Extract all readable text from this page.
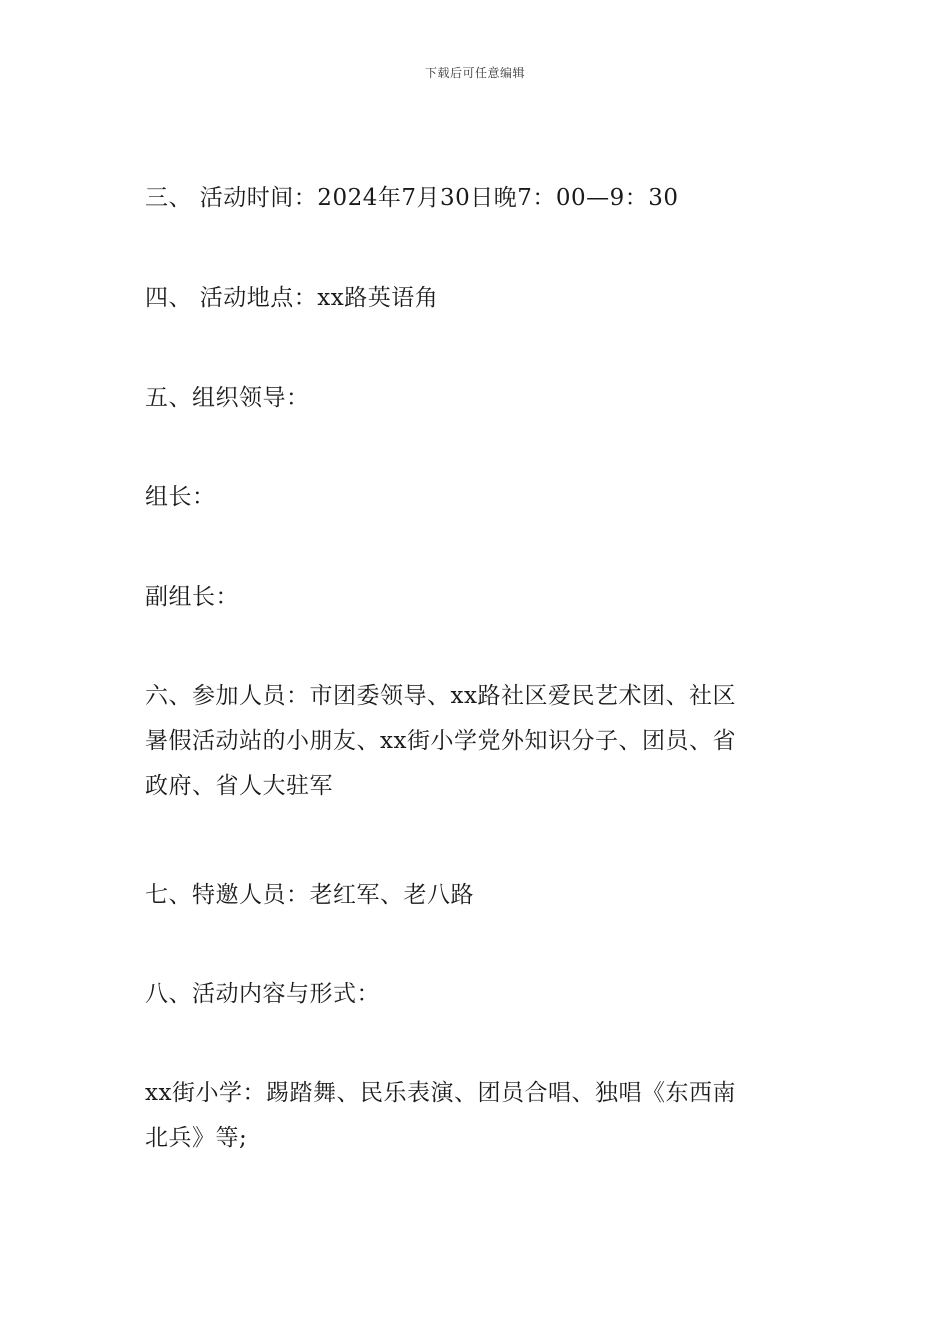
下载后可任意编辑
三、 活动时间：2024年7月30日晚7：00—9：30
四、 活动地点：xx路英语角
五、组织领导：
组长：
副组长：
六、参加人员：市团委领导、xx路社区爱民艺术团、社区
暑假活动站的小朋友、xx街小学党外知识分子、团员、省
政府、省人大驻军
七、特邀人员：老红军、老八路
八、活动内容与形式：
xx街小学：踢踏舞、民乐表演、团员合唱、独唱《东西南
北兵》等;
